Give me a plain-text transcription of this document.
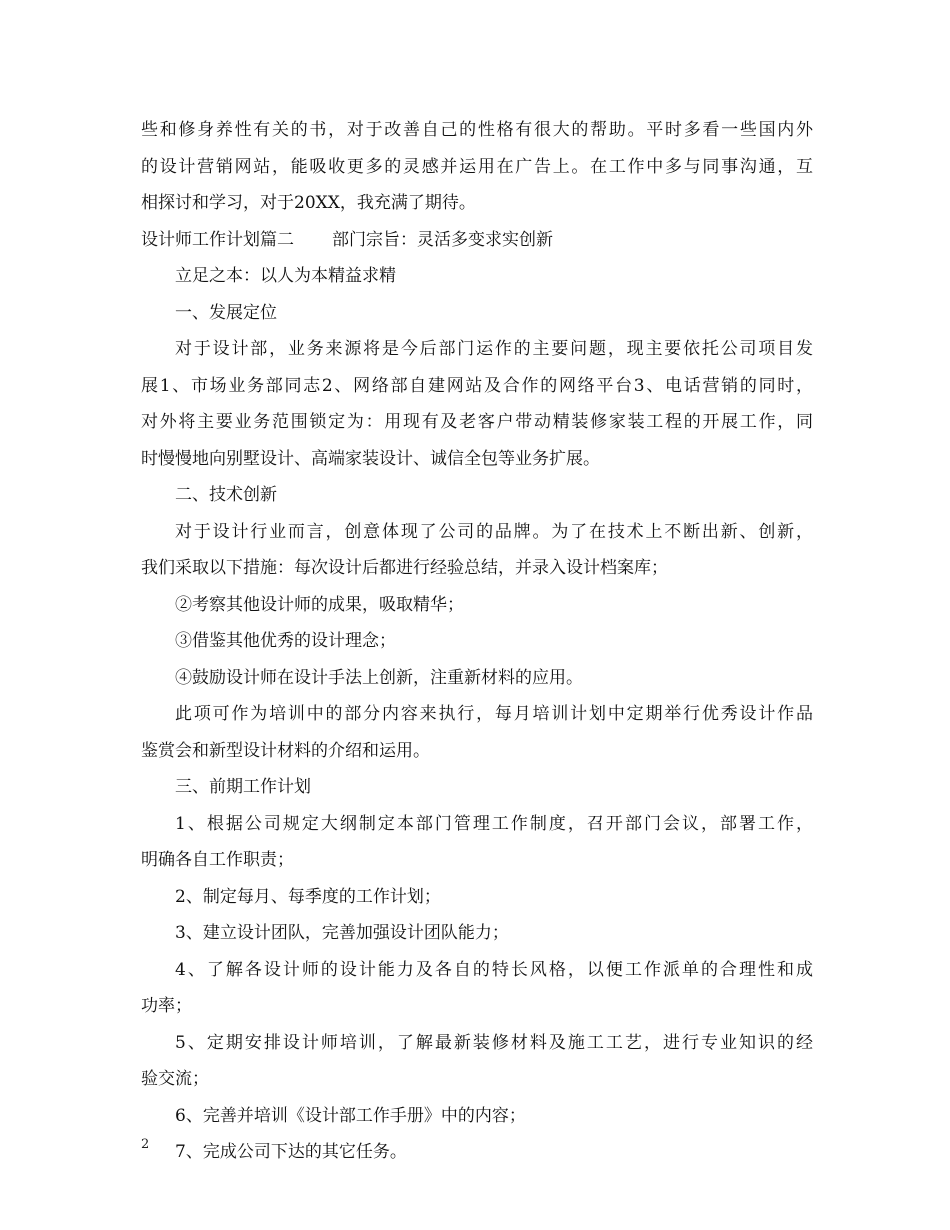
些和修身养性有关的书，对于改善自己的性格有很大的帮助。平时多看一些国内外
的设计营销网站，能吸收更多的灵感并运用在广告上。在工作中多与同事沟通，互
相探讨和学习，对于20XX，我充满了期待。
设计师工作计划篇二 部门宗旨：灵活多变求实创新
立足之本：以人为本精益求精
一、发展定位
对于设计部，业务来源将是今后部门运作的主要问题，现主要依托公司项目发
展1、市场业务部同志2、网络部自建网站及合作的网络平台3、电话营销的同时，
对外将主要业务范围锁定为：用现有及老客户带动精装修家装工程的开展工作，同
时慢慢地向别墅设计、高端家装设计、诚信全包等业务扩展。
二、技术创新
对于设计行业而言，创意体现了公司的品牌。为了在技术上不断出新、创新，
我们采取以下措施：每次设计后都进行经验总结，并录入设计档案库；
②考察其他设计师的成果，吸取精华；
③借鉴其他优秀的设计理念；
④鼓励设计师在设计手法上创新，注重新材料的应用。
此项可作为培训中的部分内容来执行，每月培训计划中定期举行优秀设计作品
鉴赏会和新型设计材料的介绍和运用。
三、前期工作计划
1、根据公司规定大纲制定本部门管理工作制度，召开部门会议，部署工作，
明确各自工作职责；
2、制定每月、每季度的工作计划；
3、建立设计团队，完善加强设计团队能力；
4、了解各设计师的设计能力及各自的特长风格，以便工作派单的合理性和成
功率；
5、定期安排设计师培训，了解最新装修材料及施工工艺，进行专业知识的经
验交流；
6、完善并培训《设计部工作手册》中的内容；
7、完成公司下达的其它任务。
2
